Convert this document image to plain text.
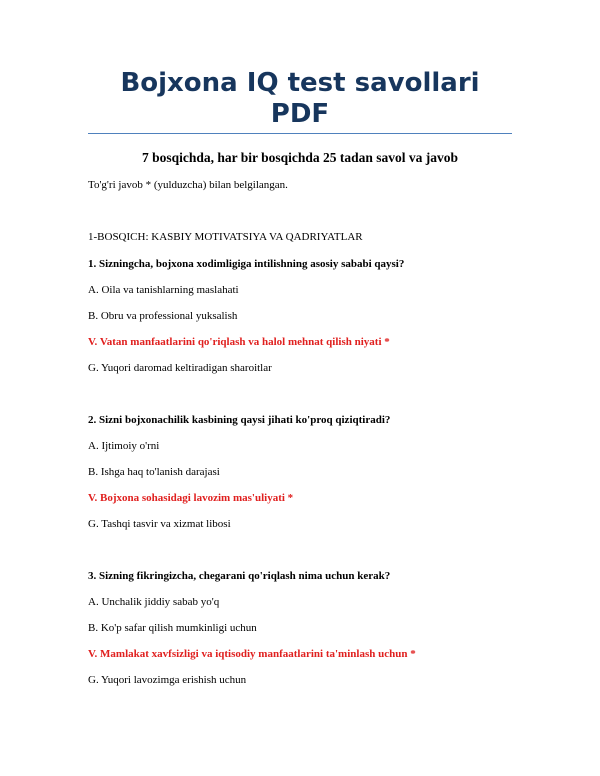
Bojxona IQ test savollari
PDF
7 bosqichda, har bir bosqichda 25 tadan savol va javob
To'g'ri javob * (yulduzcha) bilan belgilangan.
1-BOSQICH: KASBIY MOTIVATSIYA VA QADRIYATLAR
1. Sizningcha, bojxona xodimligiga intilishning asosiy sababi qaysi?
A. Oila va tanishlarning maslahati
B. Obru va professional yuksalish
V. Vatan manfaatlarini qo'riqlash va halol mehnat qilish niyati *
G. Yuqori daromad keltiradigan sharoitlar
2. Sizni bojxonachilik kasbining qaysi jihati ko'proq qiziqtiradi?
A. Ijtimoiy o'rni
B. Ishga haq to'lanish darajasi
V. Bojxona sohasidagi lavozim mas'uliyati *
G. Tashqi tasvir va xizmat libosi
3. Sizning fikringizcha, chegarani qo'riqlash nima uchun kerak?
A. Unchalik jiddiy sabab yo'q
B. Ko'p safar qilish mumkinligi uchun
V. Mamlakat xavfsizligi va iqtisodiy manfaatlarini ta'minlash uchun *
G. Yuqori lavozimga erishish uchun
